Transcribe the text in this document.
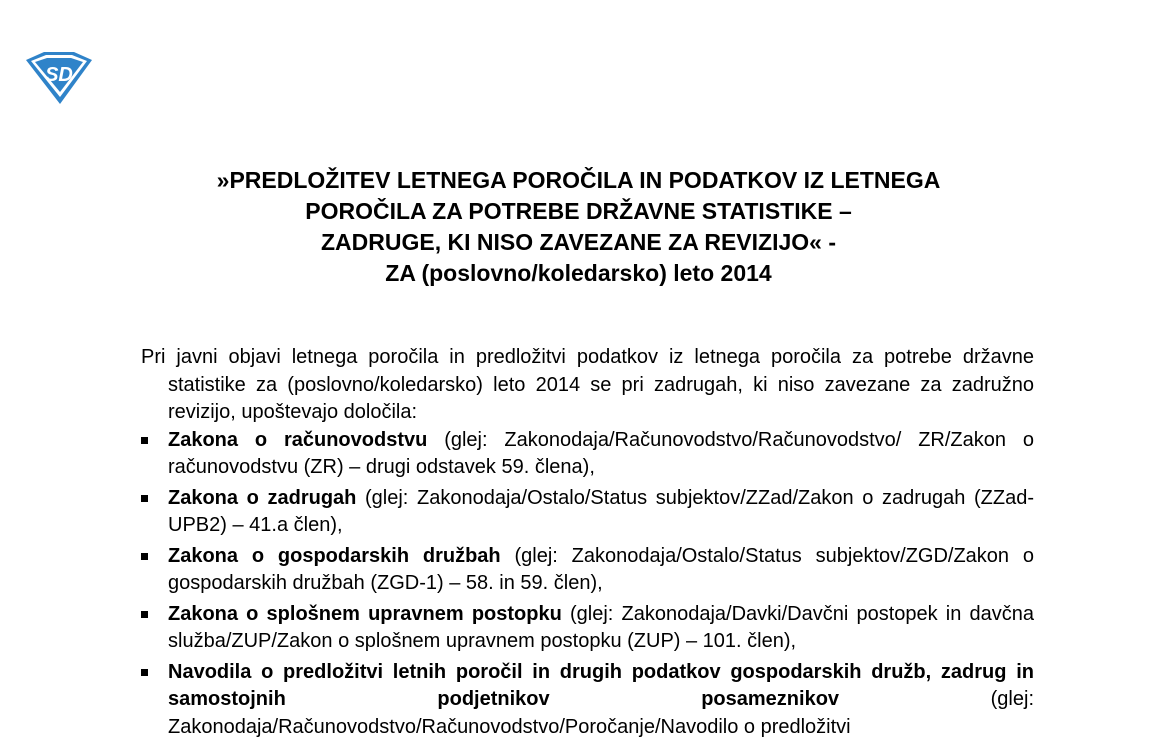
SD
»PREDLOŽITEV LETNEGA POROČILA IN PODATKOV IZ LETNEGA
POROČILA ZA POTREBE DRŽAVNE STATISTIKE –
ZADRUGE, KI NISO ZAVEZANE ZA REVIZIJO« -
ZA (poslovno/koledarsko) leto 2014

Pri javni objavi letnega poročila in predložitvi podatkov iz letnega poročila za potrebe državne statistike za (poslovno/koledarsko) leto 2014 se pri zadrugah, ki niso zavezane za zadružno revizijo, upoštevajo določila:

Zakona o računovodstvu (glej: Zakonodaja/Računovodstvo/Računovodstvo/ ZR/Zakon o računovodstvu (ZR) – drugi odstavek 59. člena),
Zakona o zadrugah (glej: Zakonodaja/Ostalo/Status subjektov/ZZad/Zakon o zadrugah (ZZad-UPB2) – 41.a člen),
Zakona o gospodarskih družbah (glej: Zakonodaja/Ostalo/Status subjektov/ZGD/Zakon o gospodarskih družbah (ZGD-1) – 58. in 59. člen),
Zakona o splošnem upravnem postopku (glej: Zakonodaja/Davki/Davčni postopek in davčna služba/ZUP/Zakon o splošnem upravnem postopku (ZUP) – 101. člen),
Navodila o predložitvi letnih poročil in drugih podatkov gospodarskih družb, zadrug in samostojnih podjetnikov posameznikov (glej: Zakonodaja/Računovodstvo/Računovodstvo/Poročanje/Navodilo o predložitvi
